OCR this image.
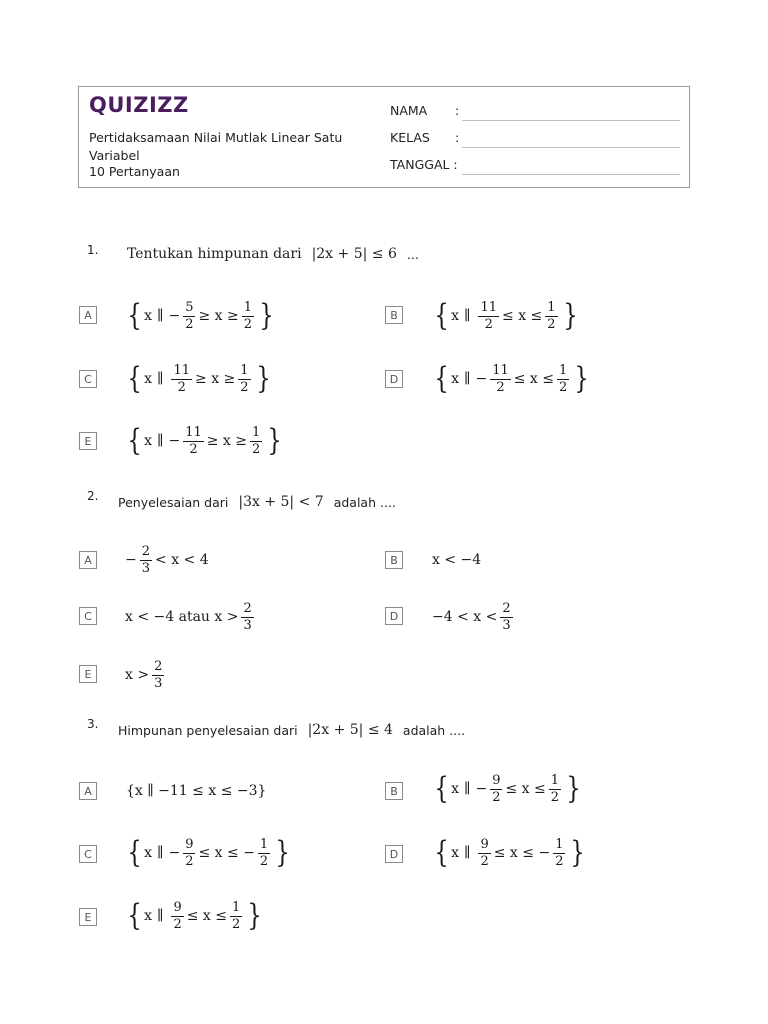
QUIZIZZ
Pertidaksamaan Nilai Mutlak Linear Satu Variabel
10 Pertanyaan
NAMA :
KELAS :
TANGGAL :
1. Tentukan himpunan dari |2x + 5| ≤ 6 ...
A { x ∥ − $\frac{5}{2} \ge x \ge \frac{1}{2}$ }	B { x ∥ $\frac{11}{2} \le x \le \frac{1}{2}$ }
C { x ∥ $\frac{11}{2} \ge x \ge \frac{1}{2}$ }	D { x ∥ − $\frac{11}{2} \le x \le \frac{1}{2}$ }
E { x ∥ − $\frac{11}{2} \ge x \ge \frac{1}{2}$ }
2. Penyelesaian dari |3x + 5| < 7 adalah ....
A	− $\frac{2}{3} < x < 4$	B	x < −4
C	x < −4 atau $x > \frac{2}{3}$	D	$-4 < x < \frac{2}{3}$
E	$x > \frac{2}{3}$
3. Himpunan penyelesaian dari |2x + 5| ≤ 4 adalah ....
A	{x ∥ −11 ≤ x ≤ −3}	B { x ∥ − $\frac{9}{2} \le x \le \frac{1}{2}$ }
C { x ∥ − $\frac{9}{2} \le x$ ≤ − $\frac{1}{2}$ }	D { x ∥ $\frac{9}{2} \le x$ ≤ − $\frac{1}{2}$ }
E { x ∥ $\frac{9}{2} \le x \le \frac{1}{2}$ }
